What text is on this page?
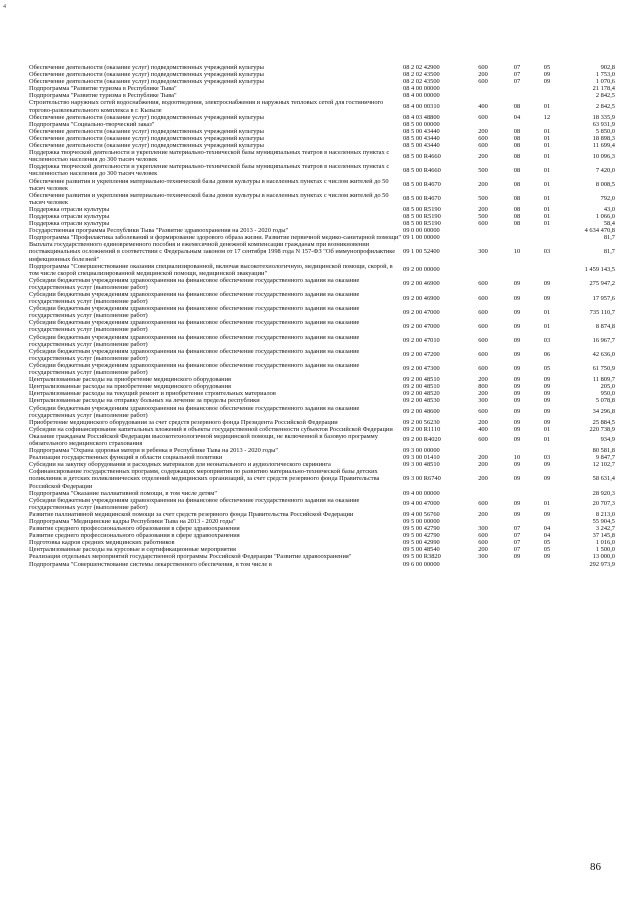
4
Обеспечение деятельности (оказание услуг) подведомственных учреждений культуры	08 2 02 42900	600	07	05	902,8
Обеспечение деятельности (оказание услуг) подведомственных учреждений культуры	08 2 02 43500	200	07	09	1 753,0
Обеспечение деятельности (оказание услуг) подведомственных учреждений культуры	08 2 02 43500	600	07	09	1 070,6
Подпрограмма "Развитие туризма в Республике Тыва"	08 4 00 00000				21 178,4
Подпрограмма "Развитие туризма в Республике Тыва"	08 4 00 00000				2 842,5
Строительство наружных сетей водоснабжения, водоотведения, электроснабжения и наружных тепловых сетей для гостиничного торгово-развлекательного комплекса в г. Кызыле	08 4 00 00310	400	08	01	2 842,5
Обеспечение деятельности (оказание услуг) подведомственных учреждений культуры	08 4 03 48800	600	04	12	18 335,9
Подпрограмма "Социально-творческий заказ"	08 5 00 00000				63 931,9
Обеспечение деятельности (оказание услуг) подведомственных учреждений культуры	08 5 00 43440	200	08	01	5 850,0
Обеспечение деятельности (оказание услуг) подведомственных учреждений культуры	08 5 00 43440	600	08	01	18 898,3
Обеспечение деятельности (оказание услуг) подведомственных учреждений культуры	08 5 00 43440	600	08	01	11 699,4
Поддержка творческой деятельности и укрепление материально-технической базы муниципальных театров в населенных пунктах с численностью населения до 300 тысяч человек	08 5 00 R4660	200	08	01	10 096,3
Поддержка творческой деятельности и укрепление материально-технической базы муниципальных театров в населенных пунктах с численностью населения до 300 тысяч человек	08 5 00 R4660	500	08	01	7 420,0
Обеспечение развития и укрепления материально-технической базы домов культуры в населенных пунктах с числом жителей до 50 тысяч человек	08 5 00 R4670	200	08	01	8 008,5
Обеспечение развития и укрепления материально-технической базы домов культуры в населенных пунктах с числом жителей до 50 тысяч человек	08 5 00 R4670	500	08	01	792,0
Поддержка отрасли культуры	08 5 00 R5190	200	08	01	43,0
Поддержка отрасли культуры	08 5 00 R5190	500	08	01	1 066,0
Поддержка отрасли культуры	08 5 00 R5190	600	08	01	58,4
Государственная программа Республики Тыва "Развитие здравоохранения на 2013 - 2020 годы"	09 0 00 00000				4 634 470,8
Подпрограмма "Профилактика заболеваний и формирование здорового образа жизни. Развитие первичной медико-санитарной помощи"	09 1 00 00000				81,7
Выплата государственного единовременного пособия и ежемесячной денежной компенсации гражданам при возникновении поствакцинальных осложнений в соответствии с Федеральным законом от 17 сентября 1998 года N 157-ФЗ "Об иммунопрофилактике инфекционных болезней"	09 1 00 52400	300	10	03	81,7
Подпрограмма "Совершенствование оказания специализированной, включая высокотехнологичную, медицинской помощи, скорой, в том числе скорой специализированной медицинской помощи, медицинской эвакуации"	09 2 00 00000				1 459 143,5
Субсидии бюджетным учреждениям здравоохранения на финансовое обеспечение государственного задания на оказание государственных услуг (выполнение работ)	09 2 00 46900	600	09	09	275 947,2
Субсидии бюджетным учреждениям здравоохранения на финансовое обеспечение государственного задания на оказание государственных услуг (выполнение работ)	09 2 00 46900	600	09	09	17 957,6
Субсидии бюджетным учреждениям здравоохранения на финансовое обеспечение государственного задания на оказание государственных услуг (выполнение работ)	09 2 00 47000	600	09	01	735 110,7
Субсидии бюджетным учреждениям здравоохранения на финансовое обеспечение государственного задания на оказание государственных услуг (выполнение работ)	09 2 00 47000	600	09	01	8 874,8
Субсидии бюджетным учреждениям здравоохранения на финансовое обеспечение государственного задания на оказание государственных услуг (выполнение работ)	09 2 00 47010	600	09	03	16 967,7
Субсидии бюджетным учреждениям здравоохранения на финансовое обеспечение государственного задания на оказание государственных услуг (выполнение работ)	09 2 00 47200	600	09	06	42 636,0
Субсидии бюджетным учреждениям здравоохранения на финансовое обеспечение государственного задания на оказание государственных услуг (выполнение работ)	09 2 00 47300	600	09	05	61 750,9
Централизованные расходы на приобретение медицинского оборудования	09 2 00 48510	200	09	09	11 809,7
Централизованные расходы на приобретение медицинского оборудования	09 2 00 48510	800	09	09	205,0
Централизованные расходы на текущий ремонт и приобретение строительных материалов	09 2 00 48520	200	09	09	950,0
Централизованные расходы на отправку больных на лечение за пределы республики	09 2 00 48530	300	09	09	5 078,8
Субсидии бюджетным учреждениям здравоохранения на финансовое обеспечение государственного задания на оказание государственных услуг (выполнение работ)	09 2 00 48600	600	09	09	34 296,8
Приобретение медицинского оборудования за счет средств резервного фонда Президента Российской Федерации	09 2 00 56230	200	09	09	25 884,5
Субсидии на софинансирование капитальных вложений в объекты государственной собственности субъектов Российской Федерации	09 2 00 R1110	400	09	01	220 738,9
Оказание гражданам Российской Федерации высокотехнологичной медицинской помощи, не включенной в базовую программу обязательного медицинского страхования	09 2 00 R4020	600	09	01	934,9
Подпрограмма "Охрана здоровья матери и ребенка в Республике Тыва на 2013 - 2020 годы"	09 3 00 00000				80 581,8
Реализация государственных функций в области социальной политики	09 3 00 01410	200	10	03	9 847,7
Субсидии на закупку оборудования и расходных материалов для неонатального и аудиологического скрининга	09 3 00 48510	200	09	09	12 102,7
Софинансирование государственных программ, содержащих мероприятия по развитию материально-технической базы детских поликлиник и детских поликлинических отделений медицинских организаций, за счет средств резервного фонда Правительства Российской Федерации	09 3 00 R6740	200	09	09	58 631,4
Подпрограмма "Оказание паллиативной помощи, в том числе детям"	09 4 00 00000				28 920,3
Субсидии бюджетным учреждениям здравоохранения на финансовое обеспечение государственного задания на оказание государственных услуг (выполнение работ)	09 4 00 47000	600	09	01	20 707,3
Развитие паллиативной медицинской помощи за счет средств резервного фонда Правительства Российской Федерации	09 4 00 56760	200	09	09	8 213,0
Подпрограмма "Медицинские кадры Республики Тыва на 2013 - 2020 годы"	09 5 00 00000				55 904,5
Развитие среднего профессионального образования в сфере здравоохранения	09 5 00 42790	300	07	04	3 242,7
Развитие среднего профессионального образования в сфере здравоохранения	09 5 00 42790	600	07	04	37 145,8
Подготовка кадров средних медицинских работников	09 5 00 42990	600	07	05	1 016,0
Централизованные расходы на курсовые и сертификационные мероприятия	09 5 00 48540	200	07	05	1 500,0
Реализация отдельных мероприятий государственной программы Российской Федерации "Развитие здравоохранения"	09 5 00 R3820	300	09	09	13 000,0
Подпрограмма "Совершенствование системы лекарственного обеспечения, в том числе в	09 6 00 00000				292 973,9
86
